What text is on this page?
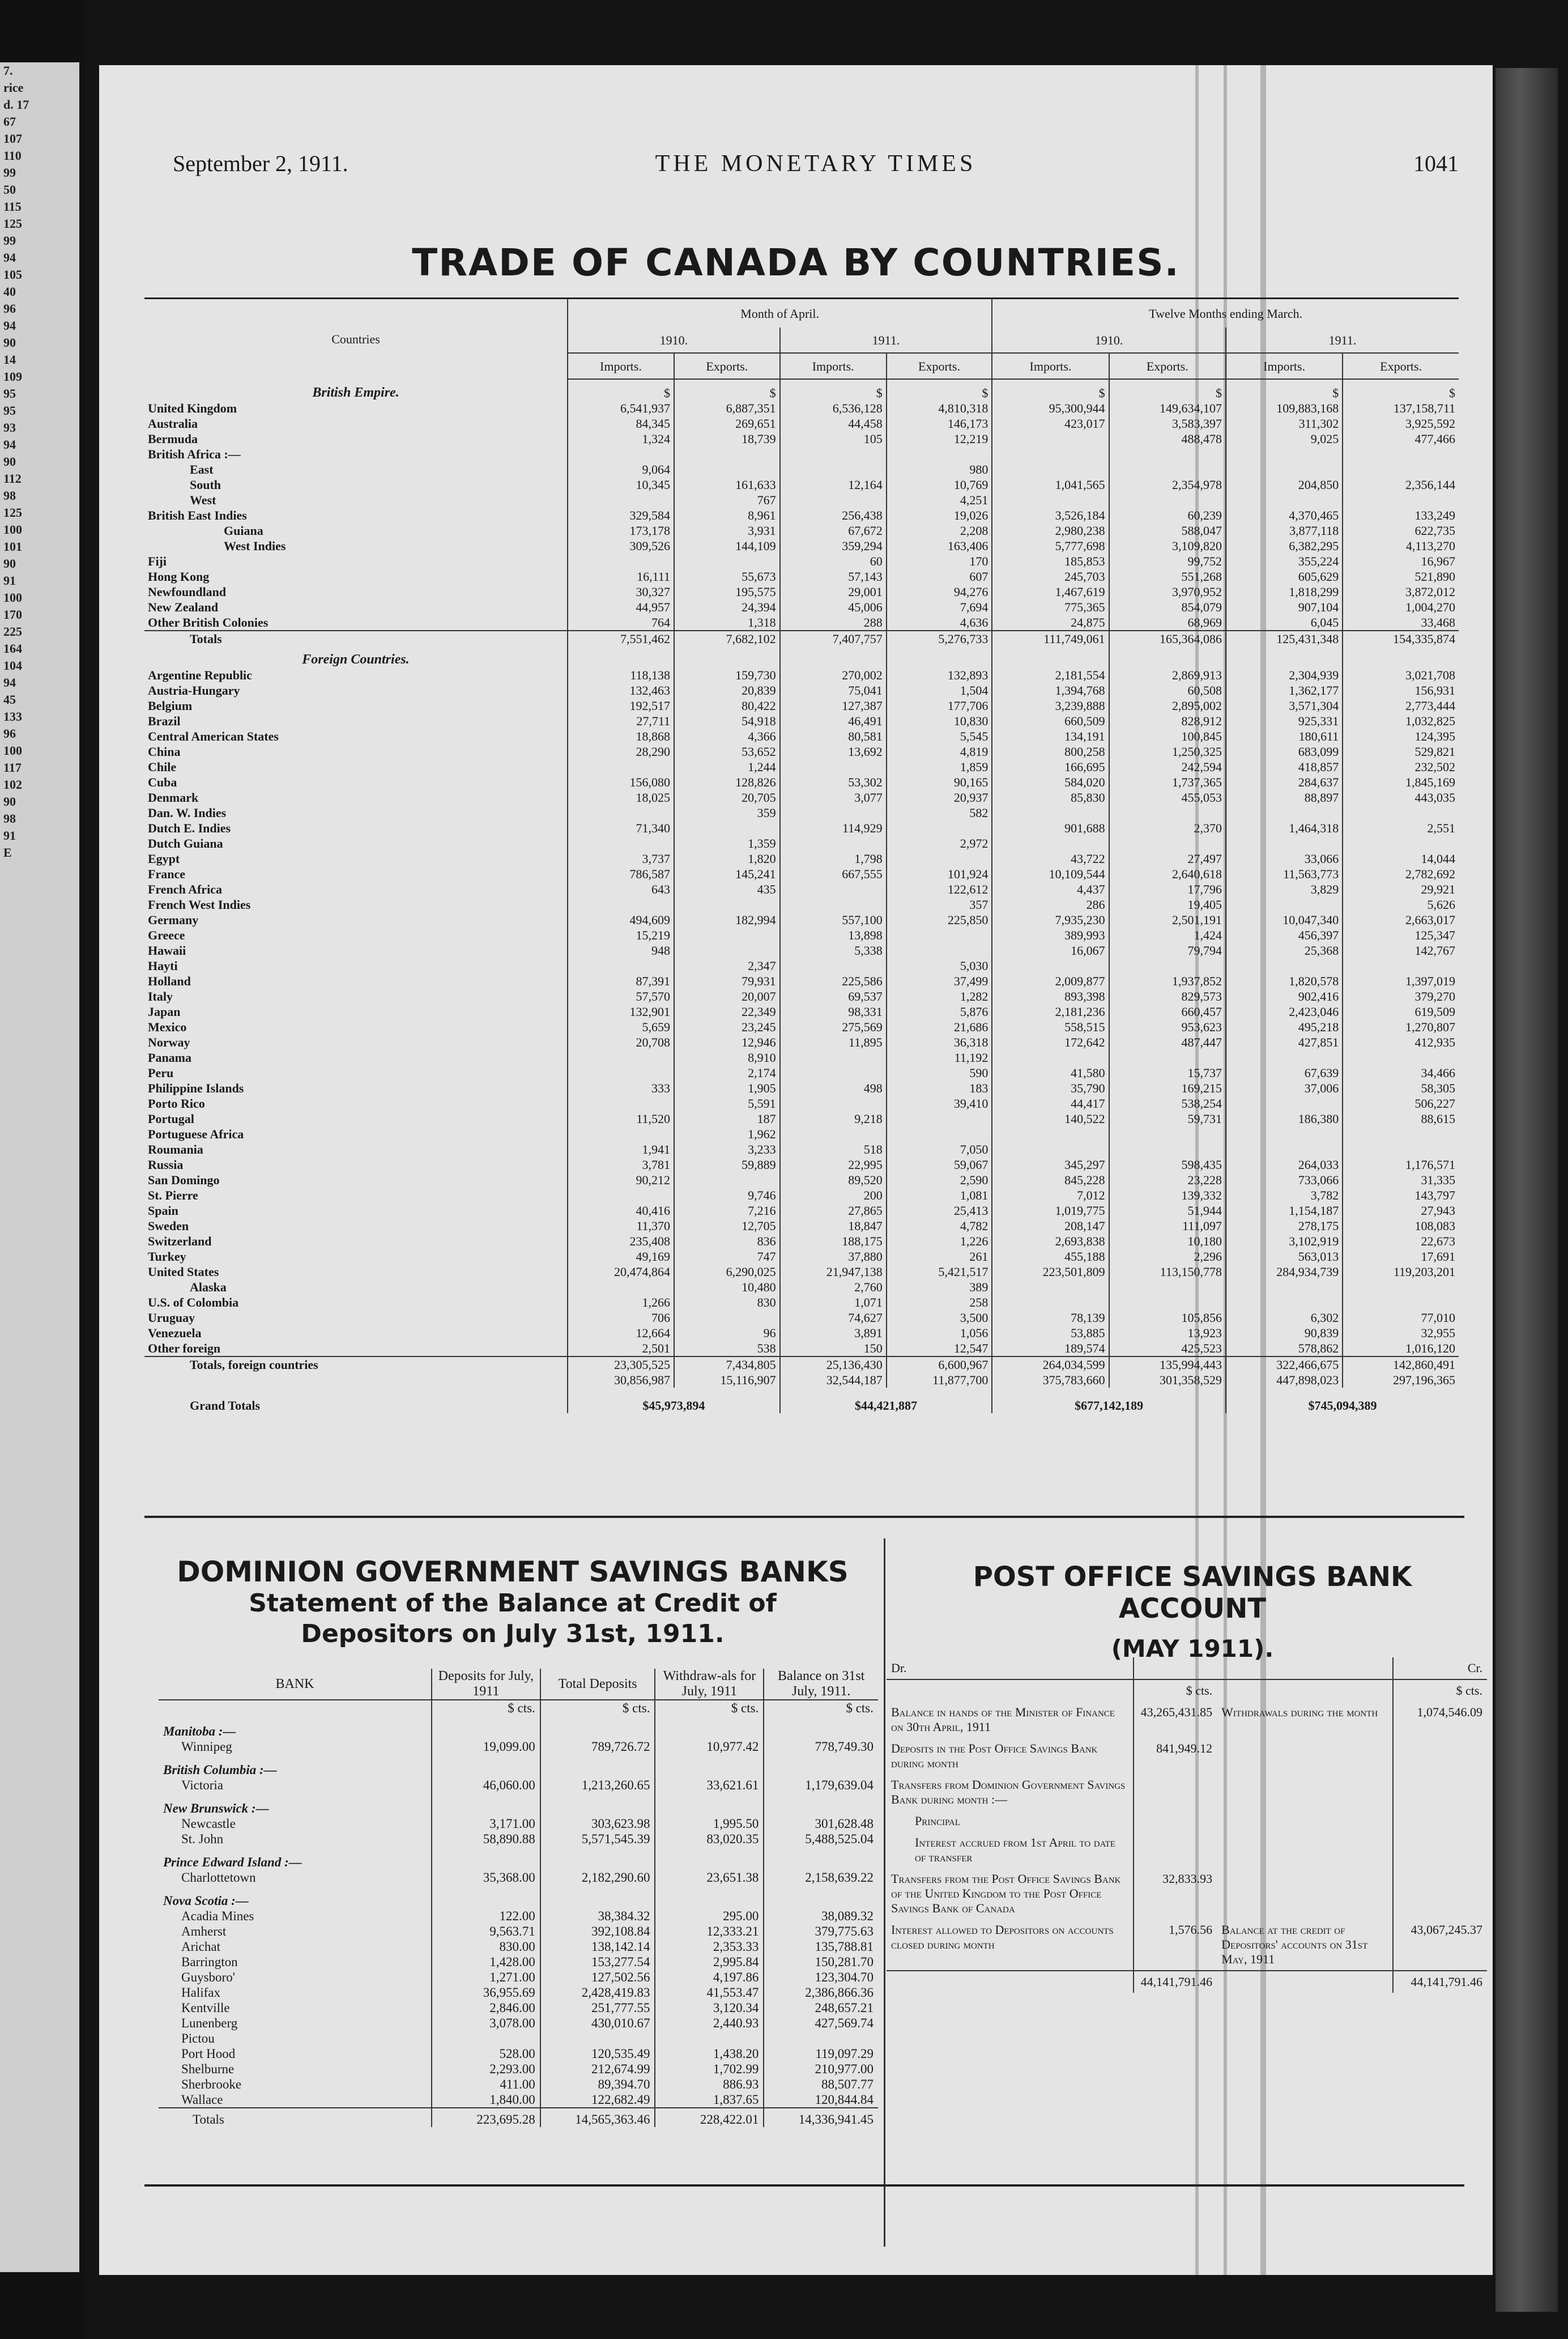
7.
rice
d. 17
67
107
110
99
50
115
125
99
94
105
40
96
94
90
14
109
95
95
93
94
90
112
98
125
100
101
90
91
100
170
225
164
104
94
45
133
96
100
117
102
90
98
91
E
September 2, 1911.	THE MONETARY TIMES	1041
TRADE OF CANADA BY COUNTRIES.
Countries	Month of April.				Twelve Months ending March.			
	1910.		1911.		1910.		1911.	
	Imports.	Exports.	Imports.	Exports.	Imports.	Exports.	Imports.	Exports.
British Empire.	$	$	$	$	$	$	$	$
United Kingdom	6,541,937	6,887,351	6,536,128	4,810,318	95,300,944	149,634,107	109,883,168	137,158,711
Australia	84,345	269,651	44,458	146,173	423,017	3,583,397	311,302	3,925,592
Bermuda	1,324	18,739	105	12,219		488,478	9,025	477,466
British Africa :—								
East	9,064			980				
South	10,345	161,633	12,164	10,769	1,041,565	2,354,978	204,850	2,356,144
West		767		4,251				
British East Indies	329,584	8,961	256,438	19,026	3,526,184	60,239	4,370,465	133,249
Guiana	173,178	3,931	67,672	2,208	2,980,238	588,047	3,877,118	622,735
West Indies	309,526	144,109	359,294	163,406	5,777,698	3,109,820	6,382,295	4,113,270
Fiji			60	170	185,853	99,752	355,224	16,967
Hong Kong	16,111	55,673	57,143	607	245,703	551,268	605,629	521,890
Newfoundland	30,327	195,575	29,001	94,276	1,467,619	3,970,952	1,818,299	3,872,012
New Zealand	44,957	24,394	45,006	7,694	775,365	854,079	907,104	1,004,270
Other British Colonies	764	1,318	288	4,636	24,875	68,969	6,045	33,468
Totals	7,551,462	7,682,102	7,407,757	5,276,733	111,749,061	165,364,086	125,431,348	154,335,874
Foreign Countries.								
Argentine Republic	118,138	159,730	270,002	132,893	2,181,554	2,869,913	2,304,939	3,021,708
Austria-Hungary	132,463	20,839	75,041	1,504	1,394,768	60,508	1,362,177	156,931
Belgium	192,517	80,422	127,387	177,706	3,239,888	2,895,002	3,571,304	2,773,444
Brazil	27,711	54,918	46,491	10,830	660,509	828,912	925,331	1,032,825
Central American States	18,868	4,366	80,581	5,545	134,191	100,845	180,611	124,395
China	28,290	53,652	13,692	4,819	800,258	1,250,325	683,099	529,821
Chile		1,244		1,859	166,695	242,594	418,857	232,502
Cuba	156,080	128,826	53,302	90,165	584,020	1,737,365	284,637	1,845,169
Denmark	18,025	20,705	3,077	20,937	85,830	455,053	88,897	443,035
Dan. W. Indies		359		582				
Dutch E. Indies	71,340		114,929		901,688	2,370	1,464,318	2,551
Dutch Guiana		1,359		2,972				
Egypt	3,737	1,820	1,798		43,722	27,497	33,066	14,044
France	786,587	145,241	667,555	101,924	10,109,544	2,640,618	11,563,773	2,782,692
French Africa	643	435		122,612	4,437	17,796	3,829	29,921
French West Indies				357	286	19,405		5,626
Germany	494,609	182,994	557,100	225,850	7,935,230	2,501,191	10,047,340	2,663,017
Greece	15,219		13,898		389,993	1,424	456,397	125,347
Hawaii	948		5,338		16,067	79,794	25,368	142,767
Hayti		2,347		5,030				
Holland	87,391	79,931	225,586	37,499	2,009,877	1,937,852	1,820,578	1,397,019
Italy	57,570	20,007	69,537	1,282	893,398	829,573	902,416	379,270
Japan	132,901	22,349	98,331	5,876	2,181,236	660,457	2,423,046	619,509
Mexico	5,659	23,245	275,569	21,686	558,515	953,623	495,218	1,270,807
Norway	20,708	12,946	11,895	36,318	172,642	487,447	427,851	412,935
Panama		8,910		11,192				
Peru		2,174		590	41,580	15,737	67,639	34,466
Philippine Islands	333	1,905	498	183	35,790	169,215	37,006	58,305
Porto Rico		5,591		39,410	44,417	538,254		506,227
Portugal	11,520	187	9,218		140,522	59,731	186,380	88,615
Portuguese Africa		1,962						
Roumania	1,941	3,233	518	7,050				
Russia	3,781	59,889	22,995	59,067	345,297	598,435	264,033	1,176,571
San Domingo	90,212		89,520	2,590	845,228	23,228	733,066	31,335
St. Pierre		9,746	200	1,081	7,012	139,332	3,782	143,797
Spain	40,416	7,216	27,865	25,413	1,019,775	51,944	1,154,187	27,943
Sweden	11,370	12,705	18,847	4,782	208,147	111,097	278,175	108,083
Switzerland	235,408	836	188,175	1,226	2,693,838	10,180	3,102,919	22,673
Turkey	49,169	747	37,880	261	455,188	2,296	563,013	17,691
United States	20,474,864	6,290,025	21,947,138	5,421,517	223,501,809	113,150,778	284,934,739	119,203,201
Alaska		10,480	2,760	389				
U.S. of Colombia	1,266	830	1,071	258				
Uruguay	706		74,627	3,500	78,139	105,856	6,302	77,010
Venezuela	12,664	96	3,891	1,056	53,885	13,923	90,839	32,955
Other foreign	2,501	538	150	12,547	189,574	425,523	578,862	1,016,120
Totals, foreign countries	23,305,525	7,434,805	25,136,430	6,600,967	264,034,599	135,994,443	322,466,675	142,860,491
	30,856,987	15,116,907	32,544,187	11,877,700	375,783,660	301,358,529	447,898,023	297,196,365
Grand Totals	$45,973,894		$44,421,887		$677,142,189		$745,094,389	
DOMINION GOVERNMENT SAVINGS BANKS
Statement of the Balance at Credit of
Depositors on July 31st, 1911.
BANK	Deposits for July, 1911	Total Deposits	Withdraw-als for July, 1911	Balance on 31st July, 1911.
	$ cts.	$ cts.	$ cts.	$ cts.
Manitoba :—				
Winnipeg	19,099.00	789,726.72	10,977.42	778,749.30
British Columbia :—				
Victoria	46,060.00	1,213,260.65	33,621.61	1,179,639.04
New Brunswick :—				
Newcastle	3,171.00	303,623.98	1,995.50	301,628.48
St. John	58,890.88	5,571,545.39	83,020.35	5,488,525.04
Prince Edward Island :—				
Charlottetown	35,368.00	2,182,290.60	23,651.38	2,158,639.22
Nova Scotia :—				
Acadia Mines	122.00	38,384.32	295.00	38,089.32
Amherst	9,563.71	392,108.84	12,333.21	379,775.63
Arichat	830.00	138,142.14	2,353.33	135,788.81
Barrington	1,428.00	153,277.54	2,995.84	150,281.70
Guysboro'	1,271.00	127,502.56	4,197.86	123,304.70
Halifax	36,955.69	2,428,419.83	41,553.47	2,386,866.36
Kentville	2,846.00	251,777.55	3,120.34	248,657.21
Lunenberg	3,078.00	430,010.67	2,440.93	427,569.74
Pictou				
Port Hood	528.00	120,535.49	1,438.20	119,097.29
Shelburne	2,293.00	212,674.99	1,702.99	210,977.00
Sherbrooke	411.00	89,394.70	886.93	88,507.77
Wallace	1,840.00	122,682.49	1,837.65	120,844.84
Totals	223,695.28	14,565,363.46	228,422.01	14,336,941.45
POST OFFICE SAVINGS BANK ACCOUNT
(MAY 1911).
Dr.			Cr.
	$ cts.		$ cts.
Balance in hands of the Minister of Finance on 30th April, 1911	43,265,431.85	Withdrawals during the month	1,074,546.09
Deposits in the Post Office Savings Bank during month	841,949.12		
Transfers from Dominion Government Savings Bank during month :—			
Principal			
Interest accrued from 1st April to date of transfer			
Transfers from the Post Office Savings Bank of the United Kingdom to the Post Office Savings Bank of Canada	32,833.93		
Interest allowed to Depositors on accounts closed during month	1,576.56	Balance at the credit of Depositors' accounts on 31st May, 1911	43,067,245.37
	44,141,791.46		44,141,791.46
